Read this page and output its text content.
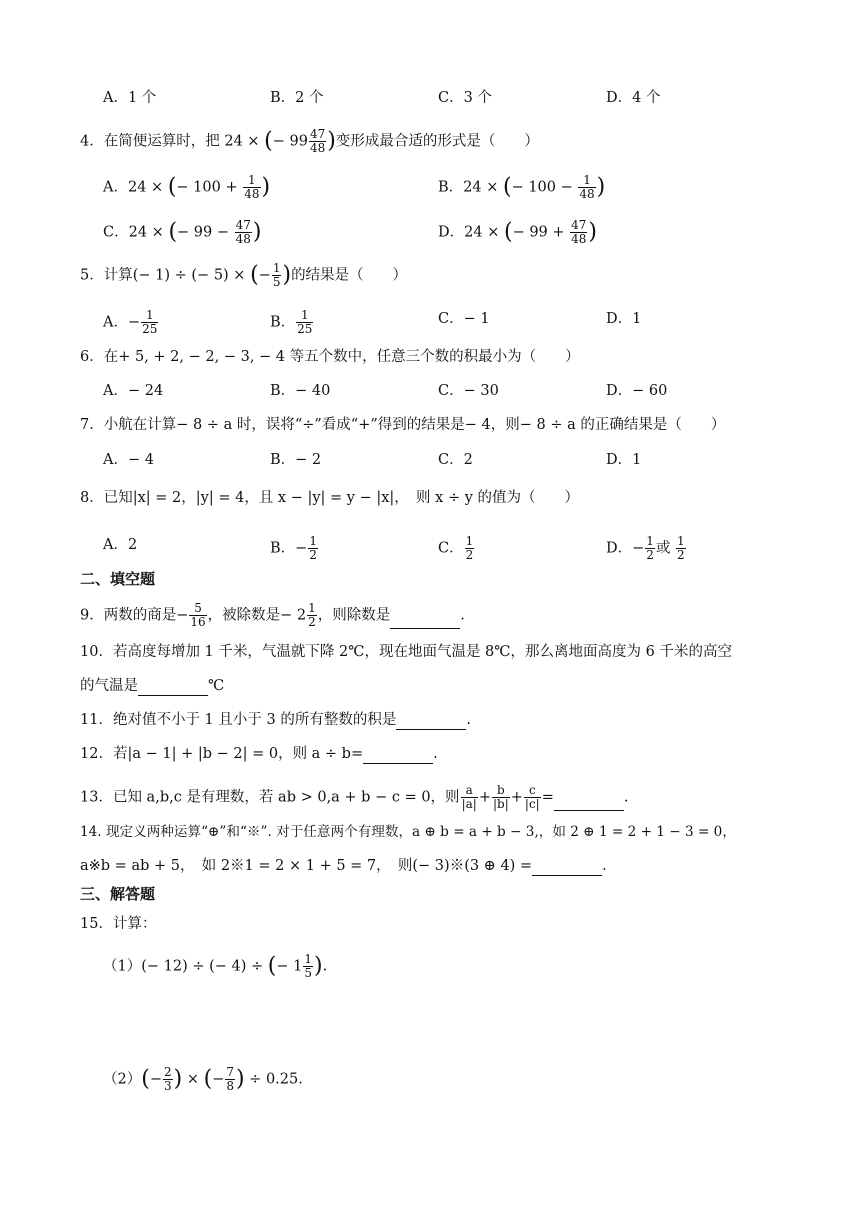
A．1 个	B．2 个	C．3 个	D．4 个
4．在简便运算时，把 24 × (− $99 \frac{47}{48}$ )变形成最合适的形式是（　　）
A．24 × (− $100 + \frac{1}{48}$ )	B．24 × (− $100 - \frac{1}{48}$ )
C．24 × (− $99 - \frac{47}{48}$ )	D．24 × (− $99 + \frac{47}{48}$ )
5．计算(− 1) ÷ (− 5) × (− $\frac{1}{5}$ )的结果是（　　）
A．− $\frac{1}{25}$	B． $\frac{1}{25}$	C．− 1	D．1
6．在+ 5, + 2, − 2, − 3, − 4 等五个数中，任意三个数的积最小为（　　）
A．− 24	B．− 40	C．− 30	D．− 60
7．小航在计算− 8 ÷ a 时，误将“÷”看成“+”得到的结果是− 4，则− 8 ÷ a 的正确结果是（　　）
A．− 4	B．− 2	C．2	D．1
8．已知|x| = 2，|y| = 4，且 x − |y| = y − |x|，　则 x ÷ y 的值为（　　）
A．2	B．− $\frac{1}{2}$	C． $\frac{1}{2}$	D．− $\frac{1}{2}$ 或 $\frac{1}{2}$
二、填空题
9．两数的商是− $\frac{5}{16}$ ，被除数是− $2 \frac{1}{2}$ ，则除数是	.
10．若高度每增加 1 千米，气温就下降 2℃，现在地面气温是 8℃，那么离地面高度为 6 千米的高空
的气温是	℃
11．绝对值不小于 1 且小于 3 的所有整数的积是	.
12．若|a − 1| + |b − 2| = 0，则 a ÷ b=	.
13．已知 a,b,c 是有理数，若 ab > 0,a + b − c = 0，则 $\frac{a}{|a|} + \frac{b}{|b|} + \frac{c}{|c|}$ =	.
14. 现定义两种运算“⊕”和“※”. 对于任意两个有理数，a ⊕ b = a + b − 3,，如 2 ⊕ 1 = 2 + 1 − 3 = 0，
a※b = ab + 5，　如 2※1 = 2 × 1 + 5 = 7，　则(− 3)※(3 ⊕ 4) =	.
三、解答题
15．计算：
（1）(− 12) ÷ (− 4) ÷ (− $1 \frac{1}{5}$ ).
$(2)(- \frac{2}{3}$ ) × (− $\frac{7}{8}$ ) ÷ 0.25.
